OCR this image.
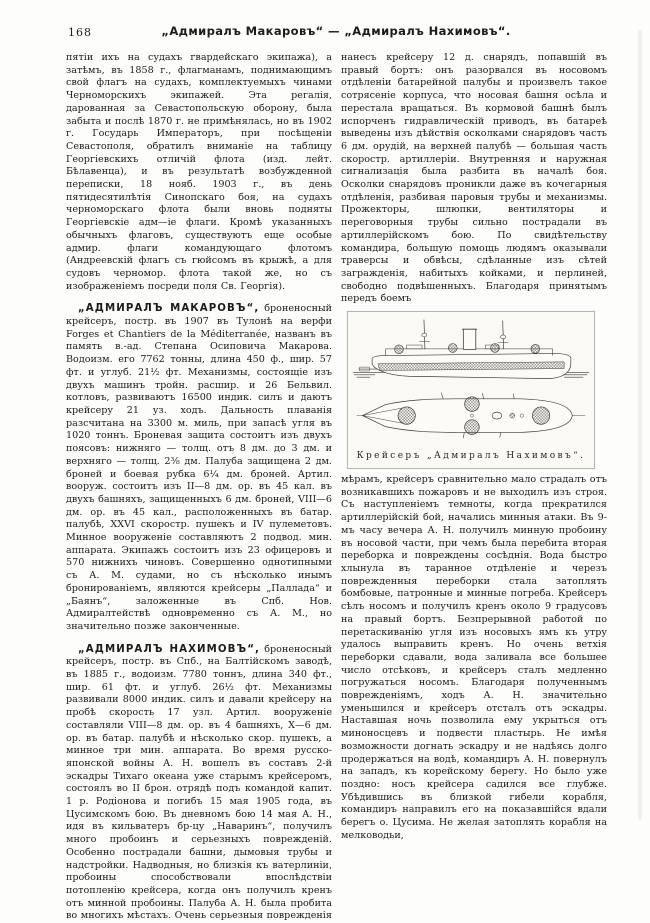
168	„Адмиралъ Макаровъ“ — „Адмиралъ Нахимовъ“.

пятіи ихъ на судахъ гвардейскаго экипажа), а затѣмъ, въ 1858 г., флагманамъ, поднимающимъ свой флагъ на судахъ, комплектуемыхъ чинами Черноморскихъ экипажей. Эта регалія, дарованная за Севастопольскую оборону, была забыта и послѣ 1870 г. не примѣнялась, но въ 1902 г. Государь Императоръ, при посѣщеніи Севастополя, обратилъ вниманіе на таблицу Георгіевскихъ отличій флота (изд. лейт. Бѣлавенца), и въ результатѣ возбужденной переписки, 18 нояб. 1903 г., въ день пятидесятилѣтія Синопскаго боя, на судахъ черноморскаго флота были вновь подняты Георгіевскіе адм—іе флаги. Кромѣ указанныхъ обычныхъ флаговъ, существуютъ еще особые адмир. флаги командующаго флотомъ (Андреевскій флагъ съ гюйсомъ въ крыжѣ, а для судовъ черномор. флота такой же, но съ изображеніемъ посреди поля Св. Георгія).

„АДМИРАЛЪ МАКАРОВЪ“, броненосный крейсеръ, постр. въ 1907 въ Тулонѣ на верфи Forges et Chantiers de la Méditerranée, названъ въ память в.-ад. Степана Осиповича Макарова. Водоизм. его 7762 тонны, длина 450 ф., шир. 57 фт. и углуб. 21½ фт. Механизмы, состоящіе изъ двухъ машинъ тройн. расшир. и 26 Бельвил. котловъ, развиваютъ 16500 индик. силъ и даютъ крейсеру 21 уз. ходъ. Дальность плаванія разсчитана на 3300 м. миль, при запасѣ угля въ 1020 тоннъ. Броневая защита состоитъ изъ двухъ поясовъ: нижняго — толщ. отъ 8 дм. до 3 дм. и верхняго — толщ. 2⅜ дм. Палуба защищена 2 дм. броней и боевая рубка 6¼ дм. броней. Артил. вооруж. состоитъ изъ II—8 дм. ор. въ 45 кал. въ двухъ башняхъ, защищенныхъ 6 дм. броней, VIII—6 дм. ор. въ 45 кал., расположенныхъ въ батар. палубѣ, XXVI скоростр. пушекъ и IV пулеметовъ. Минное вооруженіе составляютъ 2 подвод. мин. аппарата. Экипажъ состоитъ изъ 23 офицеровъ и 570 нижнихъ чиновъ. Совершенно однотипными съ А. М. судами, но съ нѣсколько инымъ бронированіемъ, являются крейсеры „Паллада“ и „Баянъ“, заложенные въ Спб. Нов. Адмиралтействѣ одновременно съ А. М., но значительно позже законченные.

„АДМИРАЛЪ НАХИМОВЪ“, броненосный крейсеръ, постр. въ Спб., на Балтійскомъ заводѣ, въ 1885 г., водоизм. 7780 тоннъ, длина 340 фт., шир. 61 фт. и углуб. 26½ фт. Механизмы развивали 8000 индик. силъ и давали крейсеру на пробѣ скорость 17 узл. Артил. вооруженіе составляли VIII—8 дм. ор. въ 4 башняхъ, X—6 дм. ор. въ батар. палубѣ и нѣсколько скор. пушекъ, а минное три мин. аппарата. Во время русско-японской войны А. Н. вошелъ въ составъ 2-й эскадры Тихаго океана уже старымъ крейсеромъ, состоялъ во II брон. отрядѣ подъ командой капит. 1 р. Родіонова и погибъ 15 мая 1905 года, въ Цусимскомъ бою. Въ дневномъ бою 14 мая А. Н., идя въ кильватеръ бр-цу „Наваринъ“, получилъ много пробоинъ и серьезныхъ поврежденій. Особенно пострадали башни, дымовыя трубы и надстройки. Надводныя, но близкія къ ватерлиніи, пробоины способствовали впослѣдствіи потопленію крейсера, когда онъ получилъ кренъ отъ минной пробоины. Палуба А. Н. была пробита во многихъ мѣстахъ. Очень серьезныя поврежденія

нанесъ крейсеру 12 д. снарядъ, попавшій въ правый бортъ: онъ разорвался въ носовомъ отдѣленіи батарейной палубы и произвелъ такое сотрясеніе корпуса, что носовая башня осѣла и перестала вращаться. Въ кормовой башнѣ былъ испорченъ гидравлическій приводъ, въ батареѣ выведены изъ дѣйствія осколками снарядовъ часть 6 дм. орудій, на верхней палубѣ — большая часть скоростр. артиллеріи. Внутренняя и наружная сигнализація была разбита въ началѣ боя. Осколки снарядовъ проникли даже въ кочегарныя отдѣленія, разбивая паровыя трубы и механизмы. Прожекторы, шлюпки, вентиляторы и переговорныя трубы сильно пострадали въ артиллерійскомъ бою. По свидѣтельству командира, большую помощь людямъ оказывали траверсы и обвѣсы, сдѣланные изъ сѣтей загражденія, набитыхъ койками, и перлиней, свободно подвѣшенныхъ. Благодаря принятымъ передъ боемъ

Крейсеръ „Адмиралъ Нахимовъ“.

мѣрамъ, крейсеръ сравнительно мало страдалъ отъ возникавшихъ пожаровъ и не выходилъ изъ строя. Съ наступленіемъ темноты, когда прекратился артиллерійскій бой, начались минныя атаки. Въ 9-мъ часу вечера А. Н. получилъ минную пробоину въ носовой части, при чемъ была перебита вторая переборка и повреждены сосѣднія. Вода быстро хлынула въ таранное отдѣленіе и черезъ поврежденныя переборки стала затоплять бомбовые, патронные и минные погреба. Крейсеръ сѣлъ носомъ и получилъ кренъ около 9 градусовъ на правый бортъ. Безпрерывной работой по перетаскиванію угля изъ носовыхъ ямъ къ утру удалось выправить кренъ. Но очень ветхія переборки сдавали, вода заливала все большее число отсѣковъ, и крейсеръ сталъ медленно погружаться носомъ. Благодаря полученнымъ поврежденіямъ, ходъ А. Н. значительно уменьшился и крейсеръ отсталъ отъ эскадры. Наставшая ночь позволила ему укрыться отъ миноносцевъ и подвести пластырь. Не имѣя возможности догнать эскадру и не надѣясь долго продержаться на водѣ, командиръ А. Н. повернулъ на западъ, къ корейскому берегу. Но было уже поздно: носъ крейсера садился все глубже. Убѣдившись въ близкой гибели корабля, командиръ направилъ его на показавшійся вдали берегъ о. Цусима. Не желая затоплять корабля на мелководьи,
